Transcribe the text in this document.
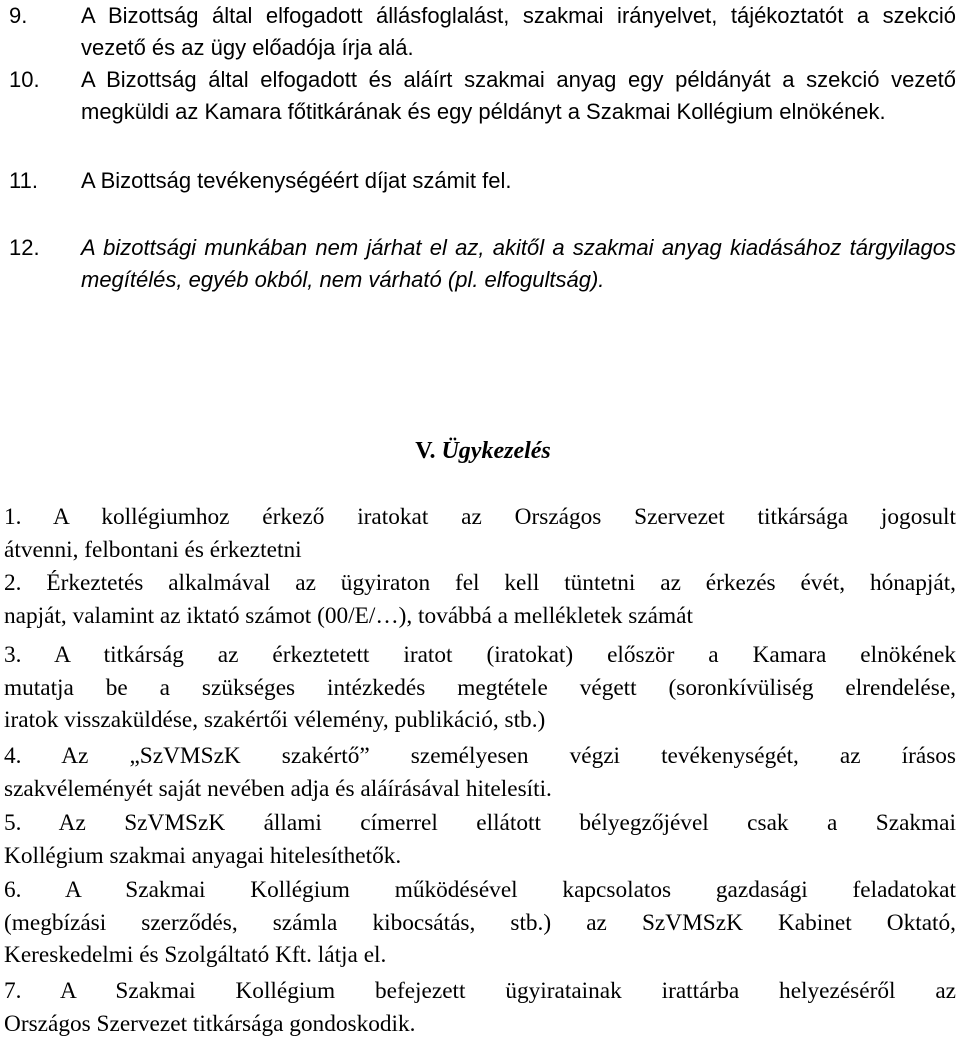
9. A Bizottság által elfogadott állásfoglalást, szakmai irányelvet, tájékoztatót a szekció vezető és az ügy előadója írja alá.
10. A Bizottság által elfogadott és aláírt szakmai anyag egy példányát a szekció vezető megküldi az Kamara főtitkárának és egy példányt a Szakmai Kollégium elnökének.
11. A Bizottság tevékenységéért díjat számit fel.
12. A bizottsági munkában nem járhat el az, akitől a szakmai anyag kiadásához tárgyilagos megítélés, egyéb okból, nem várható (pl. elfogultság).
V. Ügykezelés
1. A kollégiumhoz érkező iratokat az Országos Szervezet titkársága jogosult
átvenni, felbontani és érkeztetni
2. Érkeztetés alkalmával az ügyiraton fel kell tüntetni az érkezés évét, hónapját,
napját, valamint az iktató számot (00/E/…), továbbá a mellékletek számát
3. A titkárság az érkeztetett iratot (iratokat) először a Kamara elnökének
mutatja be a szükséges intézkedés megtétele végett (soronkívüliség elrendelése,
iratok visszaküldése, szakértői vélemény, publikáció, stb.)
4. Az „SzVMSzK szakértő” személyesen végzi tevékenységét, az írásos
szakvéleményét saját nevében adja és aláírásával hitelesíti.
5. Az SzVMSzK állami címerrel ellátott bélyegzőjével csak a Szakmai
Kollégium szakmai anyagai hitelesíthetők.
6. A Szakmai Kollégium működésével kapcsolatos gazdasági feladatokat
(megbízási szerződés, számla kibocsátás, stb.) az SzVMSzK Kabinet Oktató,
Kereskedelmi és Szolgáltató Kft. látja el.
7. A Szakmai Kollégium befejezett ügyiratainak irattárba helyezéséről az
Országos Szervezet titkársága gondoskodik.
